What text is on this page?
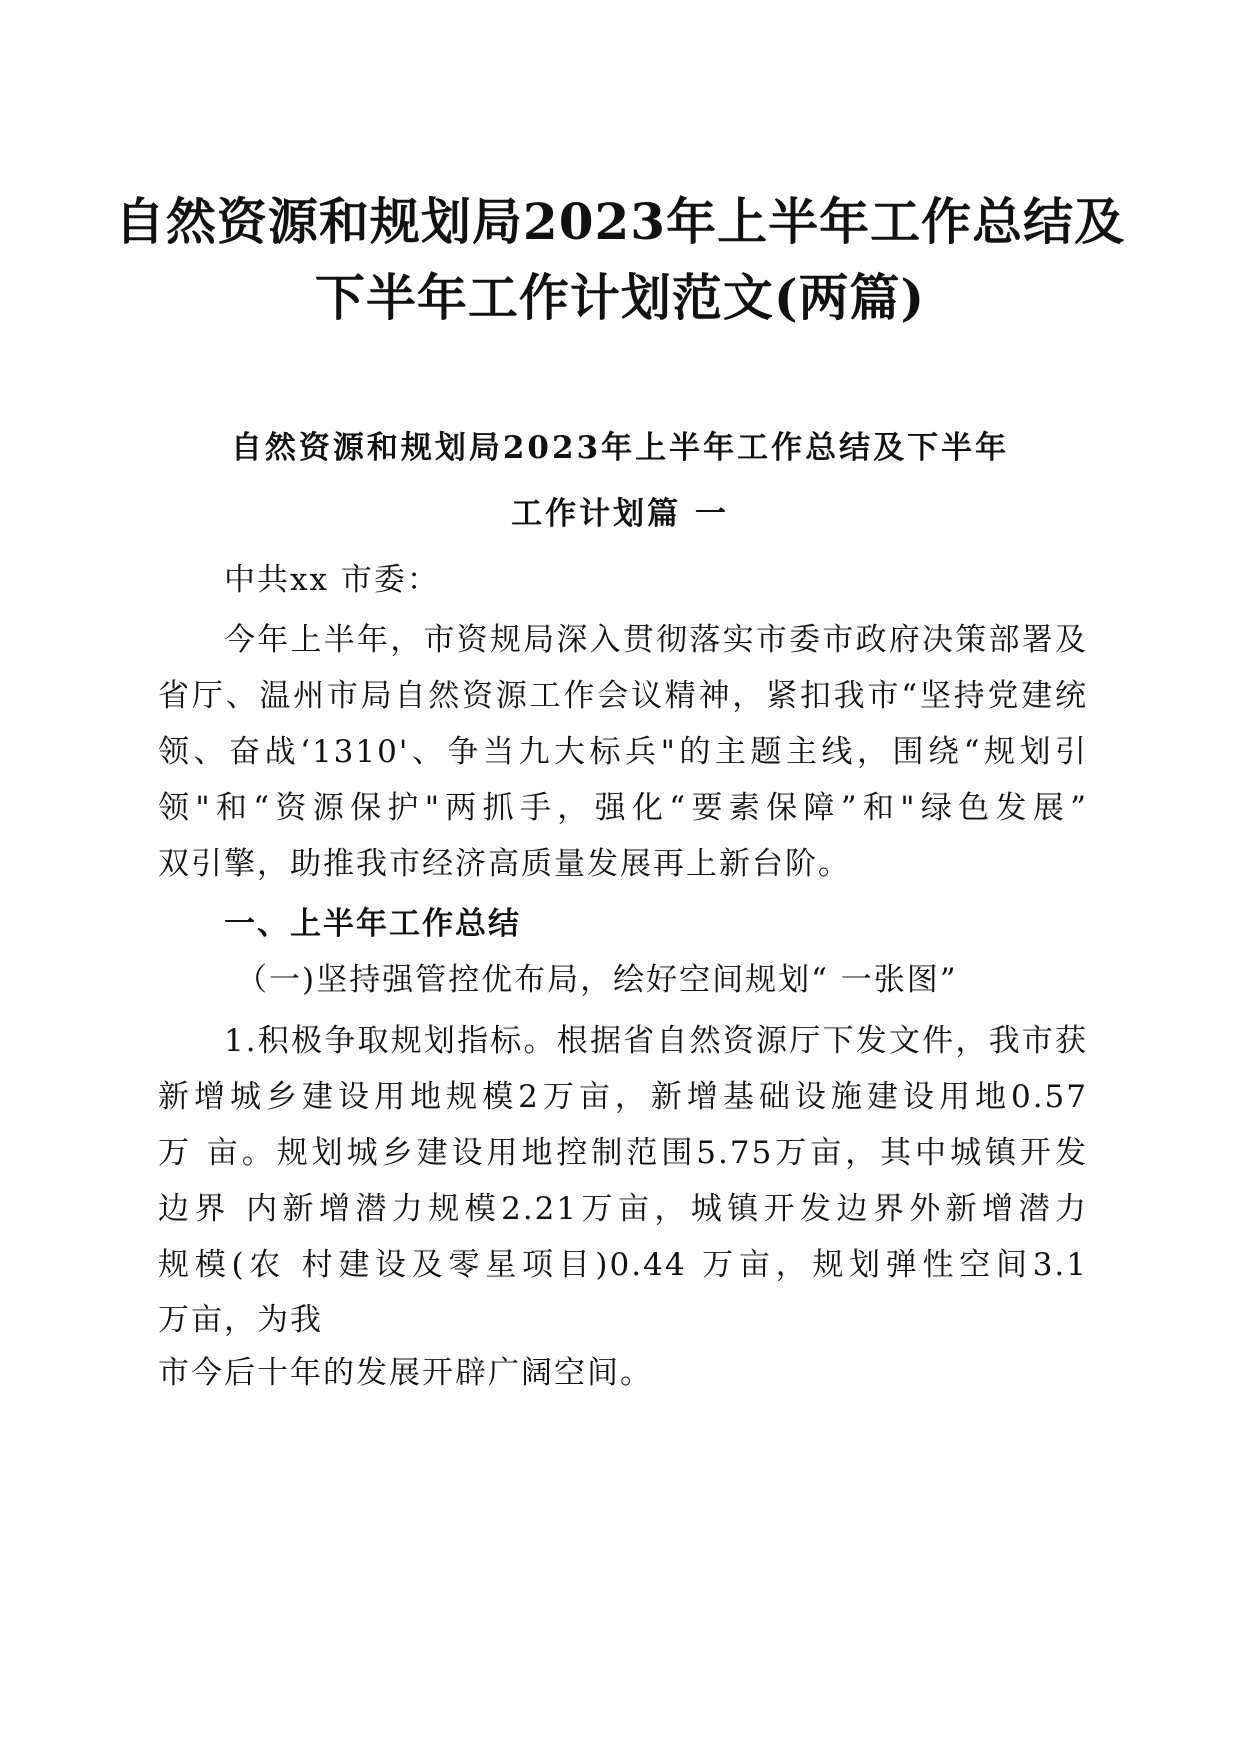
自然资源和规划局2023年上半年工作总结及
下半年工作计划范文(两篇)
自然资源和规划局2023年上半年工作总结及下半年
工作计划篇 一

中共xx 市委：

今年上半年，市资规局深入贯彻落实市委市政府决策部署及

省厅、温州市局自然资源工作会议精神，紧扣我市“坚持党建统

领、奋战‘1310'、争当九大标兵"的主题主线，围绕“规划引

领"和“资源保护"两抓手，强化“要素保障”和"绿色发展”

双引擎，助推我市经济高质量发展再上新台阶。

一、上半年工作总结

（一)坚持强管控优布局，绘好空间规划“ 一张图”

1.积极争取规划指标。根据省自然资源厅下发文件，我市获

新增城乡建设用地规模2万亩，新增基础设施建设用地0.57

万 亩。规划城乡建设用地控制范围5.75万亩，其中城镇开发

边界 内新增潜力规模2.21万亩，城镇开发边界外新增潜力

规模(农 村建设及零星项目)0.44 万亩，规划弹性空间3.1

万亩，为我

市今后十年的发展开辟广阔空间。
